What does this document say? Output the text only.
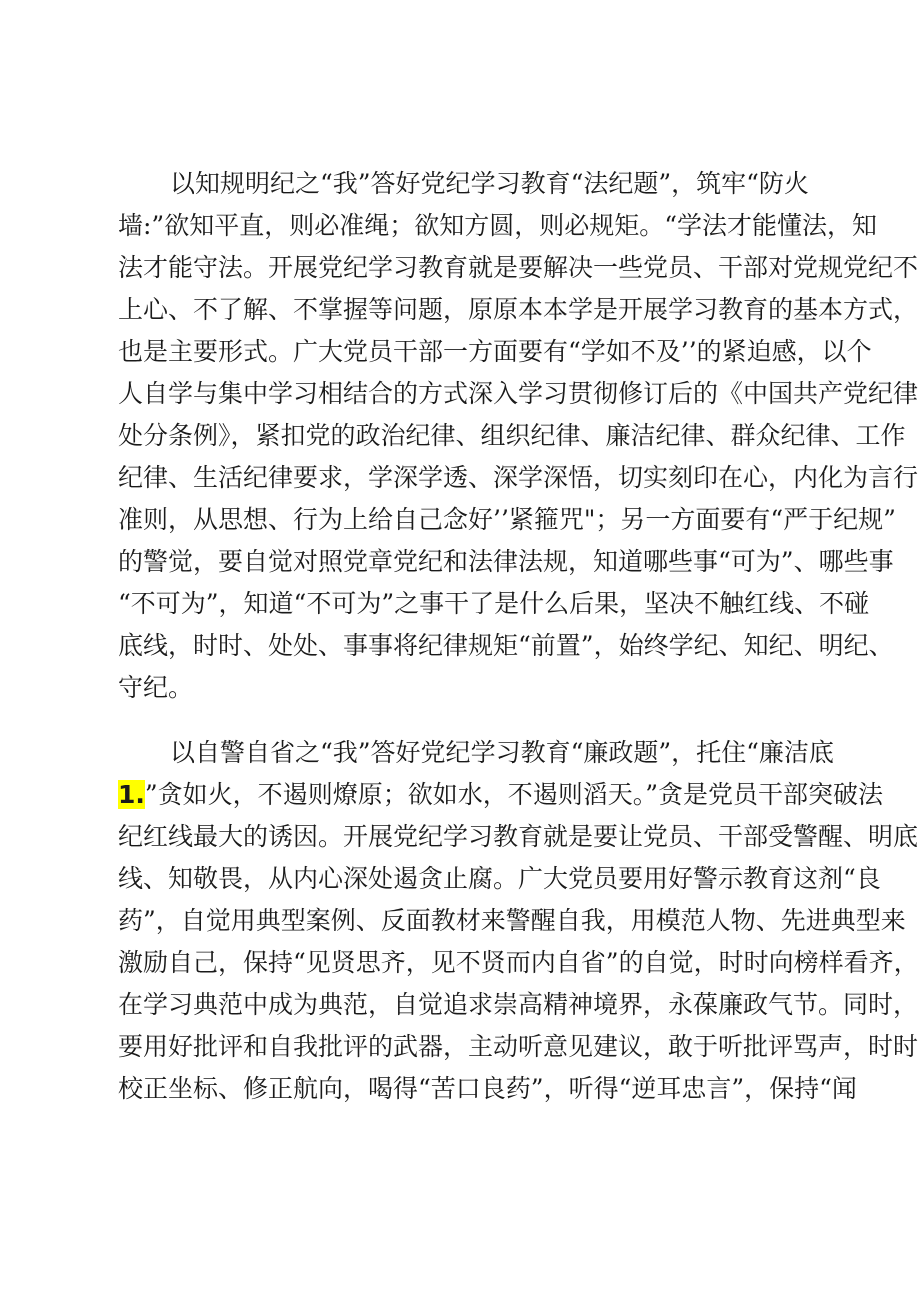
以知规明纪之“我”答好党纪学习教育“法纪题”，筑牢“防火
墙:”欲知平直，则必准绳；欲知方圆，则必规矩。“学法才能懂法，知
法才能守法。开展党纪学习教育就是要解决一些党员、干部对党规党纪不
上心、不了解、不掌握等问题，原原本本学是开展学习教育的基本方式，
也是主要形式。广大党员干部一方面要有“学如不及’’的紧迫感，以个
人自学与集中学习相结合的方式深入学习贯彻修订后的《中国共产党纪律
处分条例》，紧扣党的政治纪律、组织纪律、廉洁纪律、群众纪律、工作
纪律、生活纪律要求，学深学透、深学深悟，切实刻印在心，内化为言行
准则，从思想、行为上给自己念好’’紧箍咒"；另一方面要有“严于纪规”
的警觉，要自觉对照党章党纪和法律法规，知道哪些事“可为”、哪些事
“不可为”，知道“不可为”之事干了是什么后果，坚决不触红线、不碰
底线，时时、处处、事事将纪律规矩“前置”，始终学纪、知纪、明纪、
守纪。
以自警自省之“我”答好党纪学习教育“廉政题”，托住“廉洁底
1.”贪如火，不遏则燎原；欲如水，不遏则滔天。”贪是党员干部突破法
纪红线最大的诱因。开展党纪学习教育就是要让党员、干部受警醒、明底
线、知敬畏，从内心深处遏贪止腐。广大党员要用好警示教育这剂“良
药”，自觉用典型案例、反面教材来警醒自我，用模范人物、先进典型来
激励自己，保持“见贤思齐，见不贤而内自省”的自觉，时时向榜样看齐，
在学习典范中成为典范，自觉追求崇高精神境界，永葆廉政气节。同时，
要用好批评和自我批评的武器，主动听意见建议，敢于听批评骂声，时时
校正坐标、修正航向，喝得“苦口良药”，听得“逆耳忠言”，保持“闻
